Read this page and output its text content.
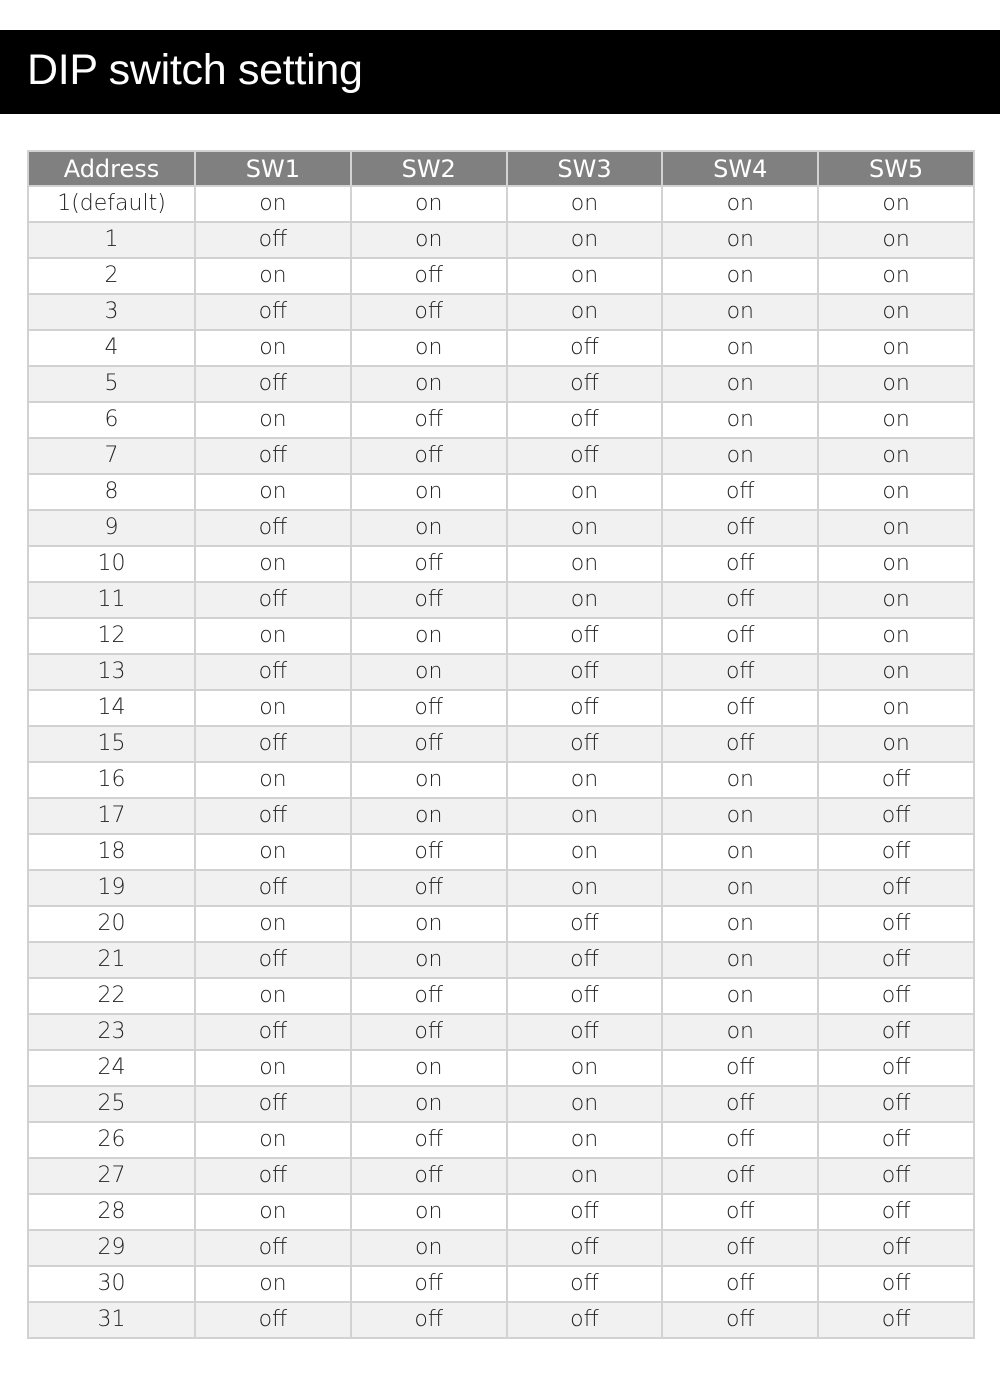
DIP switch setting
Address	SW1	SW2	SW3	SW4	SW5
1(default)	on	on	on	on	on
1	off	on	on	on	on
2	on	off	on	on	on
3	off	off	on	on	on
4	on	on	off	on	on
5	off	on	off	on	on
6	on	off	off	on	on
7	off	off	off	on	on
8	on	on	on	off	on
9	off	on	on	off	on
10	on	off	on	off	on
11	off	off	on	off	on
12	on	on	off	off	on
13	off	on	off	off	on
14	on	off	off	off	on
15	off	off	off	off	on
16	on	on	on	on	off
17	off	on	on	on	off
18	on	off	on	on	off
19	off	off	on	on	off
20	on	on	off	on	off
21	off	on	off	on	off
22	on	off	off	on	off
23	off	off	off	on	off
24	on	on	on	off	off
25	off	on	on	off	off
26	on	off	on	off	off
27	off	off	on	off	off
28	on	on	off	off	off
29	off	on	off	off	off
30	on	off	off	off	off
31	off	off	off	off	off
